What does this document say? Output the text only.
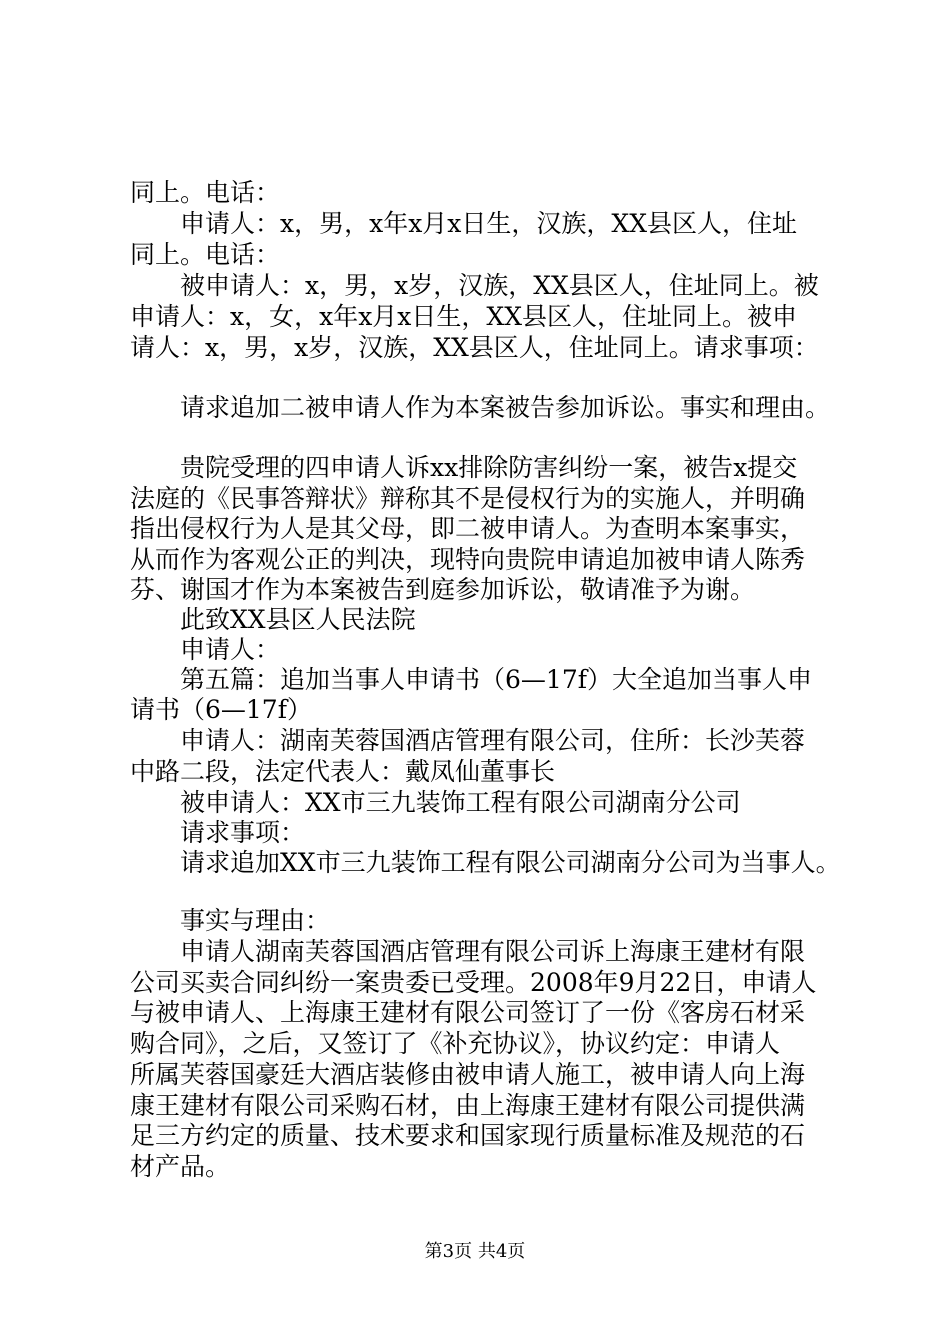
同上。电话：
　　申请人：x，男，x年x月x日生，汉族，XX县区人，住址
同上。电话：
　　被申请人：x，男，x岁，汉族，XX县区人，住址同上。被
申请人：x，女，x年x月x日生，XX县区人，住址同上。被申
请人：x，男，x岁，汉族，XX县区人，住址同上。请求事项：
　　请求追加二被申请人作为本案被告参加诉讼。事实和理由。
　　贵院受理的四申请人诉xx排除防害纠纷一案，被告x提交
法庭的《民事答辩状》辩称其不是侵权行为的实施人，并明确
指出侵权行为人是其父母，即二被申请人。为查明本案事实，
从而作为客观公正的判决，现特向贵院申请追加被申请人陈秀
芬、谢国才作为本案被告到庭参加诉讼，敬请准予为谢。
　　此致XX县区人民法院
　　申请人：
　　第五篇：追加当事人申请书（6—17f）大全追加当事人申
请书（6—17f）
　　申请人：湖南芙蓉国酒店管理有限公司，住所：长沙芙蓉
中路二段，法定代表人：戴凤仙董事长
　　被申请人：XX市三九装饰工程有限公司湖南分公司
　　请求事项：
　　请求追加XX市三九装饰工程有限公司湖南分公司为当事人。
　　事实与理由：
　　申请人湖南芙蓉国酒店管理有限公司诉上海康王建材有限
公司买卖合同纠纷一案贵委已受理。2008年9月22日，申请人
与被申请人、上海康王建材有限公司签订了一份《客房石材采
购合同》，之后，又签订了《补充协议》，协议约定：申请人
所属芙蓉国豪廷大酒店装修由被申请人施工，被申请人向上海
康王建材有限公司采购石材，由上海康王建材有限公司提供满
足三方约定的质量、技术要求和国家现行质量标准及规范的石
材产品。
第3页 共4页
